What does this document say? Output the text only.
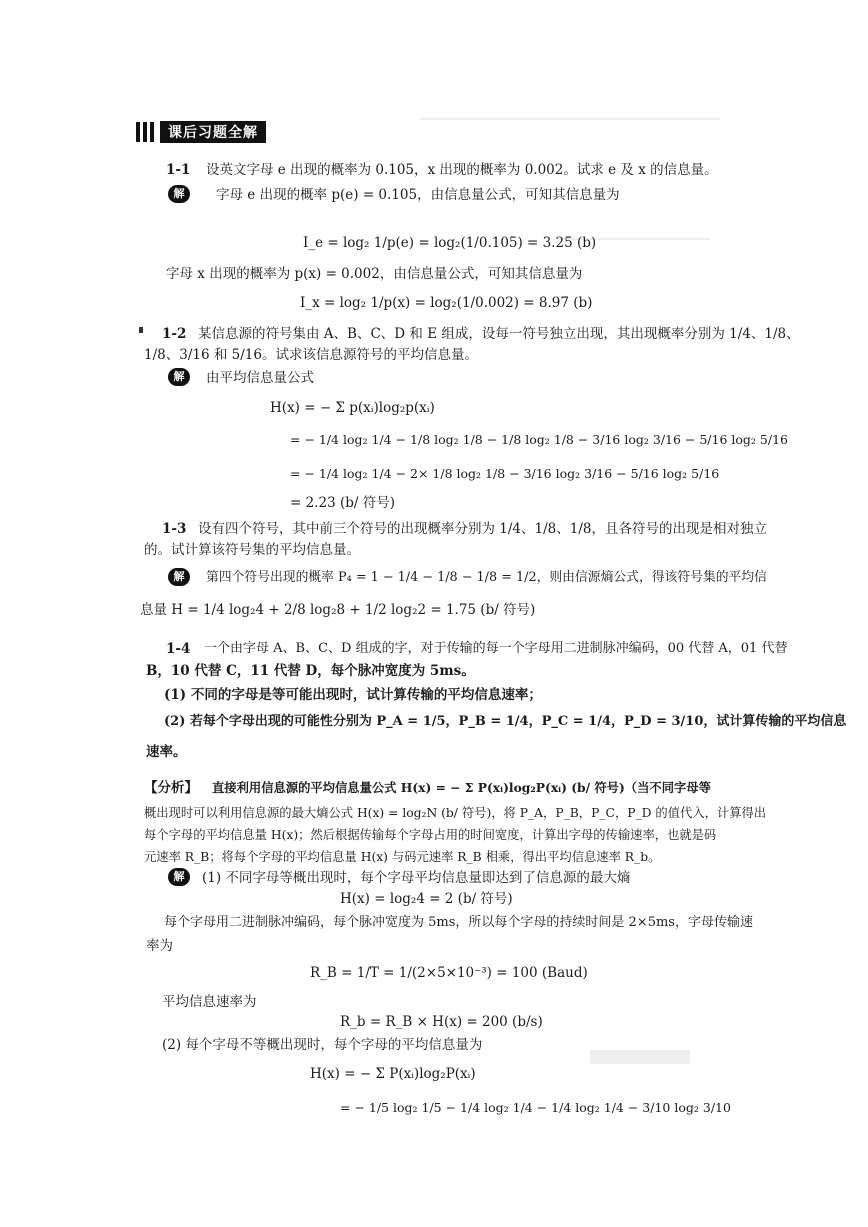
课后习题全解
1-1 设英文字母 e 出现的概率为 0.105，x 出现的概率为 0.002。试求 e 及 x 的信息量。
解	字母 e 出现的概率 p(e) = 0.105，由信息量公式，可知其信息量为
I_e = log₂ 1/p(e) = log₂(1/0.105) = 3.25 (b)
字母 x 出现的概率为 p(x) = 0.002，由信息量公式，可知其信息量为
I_x = log₂ 1/p(x) = log₂(1/0.002) = 8.97 (b)
1-2 某信息源的符号集由 A、B、C、D 和 E 组成，设每一符号独立出现，其出现概率分别为 1/4、1/8、
1/8、3/16 和 5/16。试求该信息源符号的平均信息量。
解	由平均信息量公式
H(x) = − Σ p(xᵢ)log₂p(xᵢ)
= − 1/4 log₂ 1/4 − 1/8 log₂ 1/8 − 1/8 log₂ 1/8 − 3/16 log₂ 3/16 − 5/16 log₂ 5/16
= − 1/4 log₂ 1/4 − 2× 1/8 log₂ 1/8 − 3/16 log₂ 3/16 − 5/16 log₂ 5/16
= 2.23 (b/ 符号)
1-3 设有四个符号，其中前三个符号的出现概率分别为 1/4、1/8、1/8，且各符号的出现是相对独立
的。试计算该符号集的平均信息量。
解	第四个符号出现的概率 P₄ = 1 − 1/4 − 1/8 − 1/8 = 1/2，则由信源熵公式，得该符号集的平均信
息量 H = 1/4 log₂4 + 2/8 log₂8 + 1/2 log₂2 = 1.75 (b/ 符号)
1-4 一个由字母 A、B、C、D 组成的字，对于传输的每一个字母用二进制脉冲编码，00 代替 A，01 代替
B，10 代替 C，11 代替 D，每个脉冲宽度为 5ms。
(1) 不同的字母是等可能出现时，试计算传输的平均信息速率；
(2) 若每个字母出现的可能性分别为 P_A = 1/5，P_B = 1/4，P_C = 1/4，P_D = 3/10，试计算传输的平均信息
速率。
【分析】 直接利用信息源的平均信息量公式 H(x) = − Σ P(xᵢ)log₂P(xᵢ) (b/ 符号)（当不同字母等
概出现时可以利用信息源的最大熵公式 H(x) = log₂N (b/ 符号)，将 P_A，P_B，P_C，P_D 的值代入，计算得出
每个字母的平均信息量 H(x)；然后根据传输每个字母占用的时间宽度，计算出字母的传输速率，也就是码
元速率 R_B；将每个字母的平均信息量 H(x) 与码元速率 R_B 相乘，得出平均信息速率 R_b。
解	(1) 不同字母等概出现时，每个字母平均信息量即达到了信息源的最大熵
H(x) = log₂4 = 2 (b/ 符号)
每个字母用二进制脉冲编码，每个脉冲宽度为 5ms，所以每个字母的持续时间是 2×5ms，字母传输速
率为
R_B = 1/T = 1/(2×5×10⁻³) = 100 (Baud)
平均信息速率为
R_b = R_B × H(x) = 200 (b/s)
(2) 每个字母不等概出现时，每个字母的平均信息量为
H(x) = − Σ P(xᵢ)log₂P(xᵢ)
= − 1/5 log₂ 1/5 − 1/4 log₂ 1/4 − 1/4 log₂ 1/4 − 3/10 log₂ 3/10
